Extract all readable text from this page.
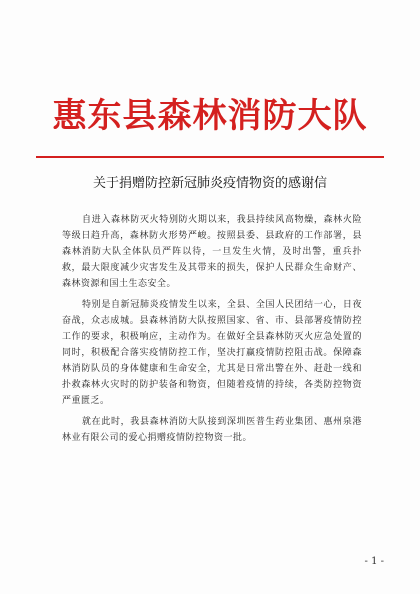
惠东县森林消防大队
关于捐赠防控新冠肺炎疫情物资的感谢信

自进入森林防灭火特别防火期以来，我县持续风高物燥，森林火险等级日趋升高，森林防火形势严峻。按照县委、县政府的工作部署，县森林消防大队全体队员严阵以待，一旦发生火情，及时出警，重兵扑救，最大限度减少灾害发生及其带来的损失，保护人民群众生命财产、森林资源和国土生态安全。

特别是自新冠肺炎疫情发生以来，全县、全国人民团结一心，日夜奋战，众志成城。县森林消防大队按照国家、省、市、县部署疫情防控工作的要求，积极响应，主动作为。在做好全县森林防灭火应急处置的同时，积极配合落实疫情防控工作，坚决打赢疫情防控阻击战。保障森林消防队员的身体健康和生命安全，尤其是日常出警在外、赶赴一线和扑救森林火灾时的防护装备和物资，但随着疫情的持续，各类防控物资严重匮乏。

就在此时，我县森林消防大队接到深圳医普生药业集团、惠州泉港林业有限公司的爱心捐赠疫情防控物资一批。

- 1 -
